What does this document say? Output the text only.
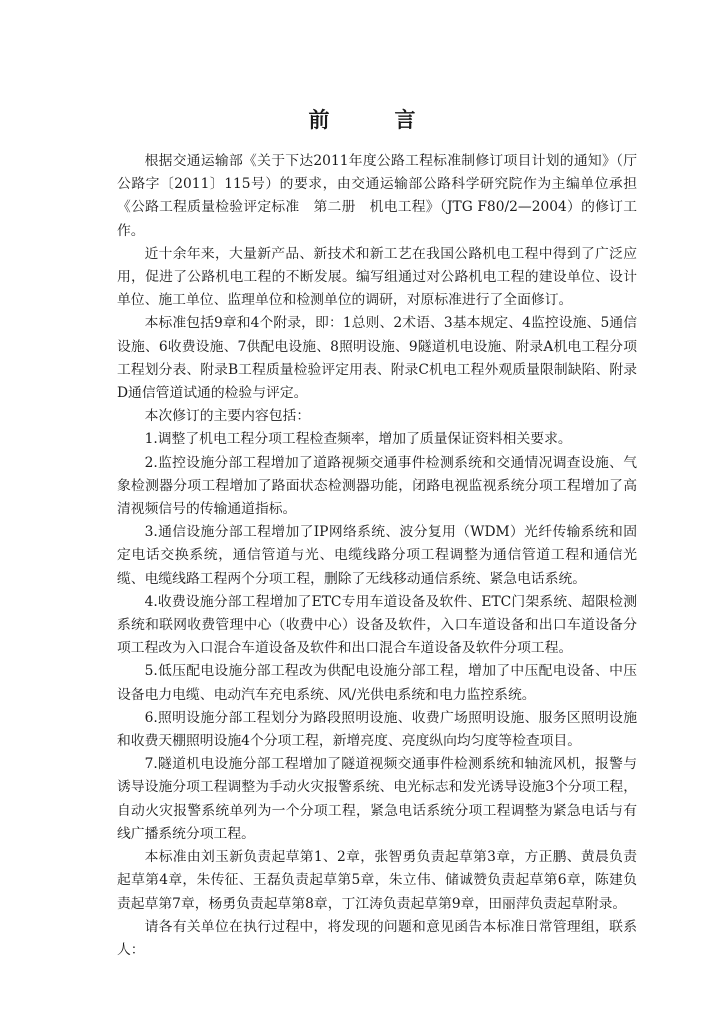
前　言

根据交通运输部《关于下达2011年度公路工程标准制修订项目计划的通知》（厅公路字〔2011〕115号）的要求，由交通运输部公路科学研究院作为主编单位承担《公路工程质量检验评定标准　第二册　机电工程》（JTG F80/2—2004）的修订工作。

近十余年来，大量新产品、新技术和新工艺在我国公路机电工程中得到了广泛应用，促进了公路机电工程的不断发展。编写组通过对公路机电工程的建设单位、设计单位、施工单位、监理单位和检测单位的调研，对原标准进行了全面修订。

本标准包括9章和4个附录，即：1总则、2术语、3基本规定、4监控设施、5通信设施、6收费设施、7供配电设施、8照明设施、9隧道机电设施、附录A机电工程分项工程划分表、附录B工程质量检验评定用表、附录C机电工程外观质量限制缺陷、附录D通信管道试通的检验与评定。

本次修订的主要内容包括：

1.调整了机电工程分项工程检查频率，增加了质量保证资料相关要求。

2.监控设施分部工程增加了道路视频交通事件检测系统和交通情况调查设施、气象检测器分项工程增加了路面状态检测器功能，闭路电视监视系统分项工程增加了高清视频信号的传输通道指标。

3.通信设施分部工程增加了IP网络系统、波分复用（WDM）光纤传输系统和固定电话交换系统，通信管道与光、电缆线路分项工程调整为通信管道工程和通信光缆、电缆线路工程两个分项工程，删除了无线移动通信系统、紧急电话系统。

4.收费设施分部工程增加了ETC专用车道设备及软件、ETC门架系统、超限检测系统和联网收费管理中心（收费中心）设备及软件，入口车道设备和出口车道设备分项工程改为入口混合车道设备及软件和出口混合车道设备及软件分项工程。

5.低压配电设施分部工程改为供配电设施分部工程，增加了中压配电设备、中压设备电力电缆、电动汽车充电系统、风/光供电系统和电力监控系统。

6.照明设施分部工程划分为路段照明设施、收费广场照明设施、服务区照明设施和收费天棚照明设施4个分项工程，新增亮度、亮度纵向均匀度等检查项目。

7.隧道机电设施分部工程增加了隧道视频交通事件检测系统和轴流风机，报警与诱导设施分项工程调整为手动火灾报警系统、电光标志和发光诱导设施3个分项工程，自动火灾报警系统单列为一个分项工程，紧急电话系统分项工程调整为紧急电话与有线广播系统分项工程。

本标准由刘玉新负责起草第1、2章，张智勇负责起草第3章，方正鹏、黄晨负责起草第4章，朱传征、王磊负责起草第5章，朱立伟、储诚赞负责起草第6章，陈建负责起草第7章，杨勇负责起草第8章，丁江涛负责起草第9章，田丽萍负责起草附录。

请各有关单位在执行过程中，将发现的问题和意见函告本标准日常管理组，联系人：
